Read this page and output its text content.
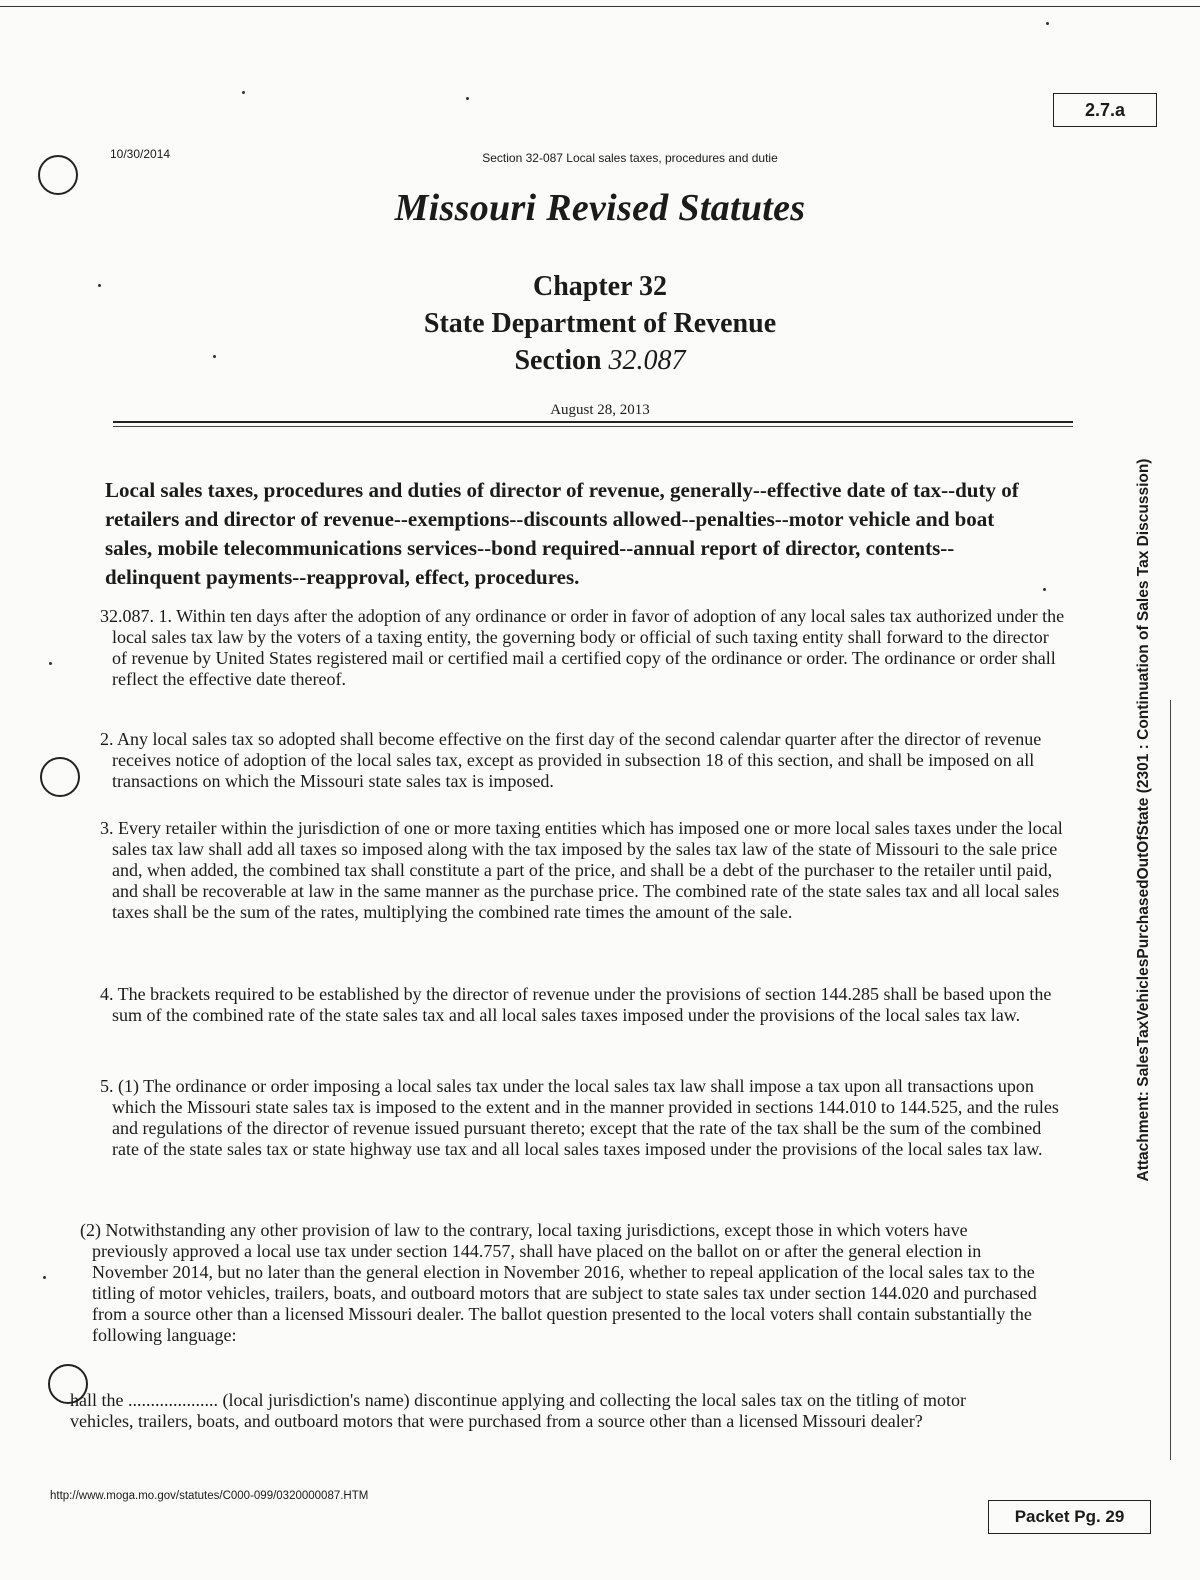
2.7.a
10/30/2014	Section 32-087 Local sales taxes, procedures and dutie
Missouri Revised Statutes
Chapter 32
State Department of Revenue
Section 32.087
August 28, 2013
Local sales taxes, procedures and duties of director of revenue, generally--effective date of tax--duty of retailers and director of revenue--exemptions--discounts allowed--penalties--motor vehicle and boat sales, mobile telecommunications services--bond required--annual report of director, contents--delinquent payments--reapproval, effect, procedures.
32.087. 1. Within ten days after the adoption of any ordinance or order in favor of adoption of any local sales tax authorized under the local sales tax law by the voters of a taxing entity, the governing body or official of such taxing entity shall forward to the director of revenue by United States registered mail or certified mail a certified copy of the ordinance or order. The ordinance or order shall reflect the effective date thereof.
2. Any local sales tax so adopted shall become effective on the first day of the second calendar quarter after the director of revenue receives notice of adoption of the local sales tax, except as provided in subsection 18 of this section, and shall be imposed on all transactions on which the Missouri state sales tax is imposed.
3. Every retailer within the jurisdiction of one or more taxing entities which has imposed one or more local sales taxes under the local sales tax law shall add all taxes so imposed along with the tax imposed by the sales tax law of the state of Missouri to the sale price and, when added, the combined tax shall constitute a part of the price, and shall be a debt of the purchaser to the retailer until paid, and shall be recoverable at law in the same manner as the purchase price. The combined rate of the state sales tax and all local sales taxes shall be the sum of the rates, multiplying the combined rate times the amount of the sale.
4. The brackets required to be established by the director of revenue under the provisions of section 144.285 shall be based upon the sum of the combined rate of the state sales tax and all local sales taxes imposed under the provisions of the local sales tax law.
5. (1) The ordinance or order imposing a local sales tax under the local sales tax law shall impose a tax upon all transactions upon which the Missouri state sales tax is imposed to the extent and in the manner provided in sections 144.010 to 144.525, and the rules and regulations of the director of revenue issued pursuant thereto; except that the rate of the tax shall be the sum of the combined rate of the state sales tax or state highway use tax and all local sales taxes imposed under the provisions of the local sales tax law.
(2) Notwithstanding any other provision of law to the contrary, local taxing jurisdictions, except those in which voters have previously approved a local use tax under section 144.757, shall have placed on the ballot on or after the general election in November 2014, but no later than the general election in November 2016, whether to repeal application of the local sales tax to the titling of motor vehicles, trailers, boats, and outboard motors that are subject to state sales tax under section 144.020 and purchased from a source other than a licensed Missouri dealer. The ballot question presented to the local voters shall contain substantially the following language:
hall the .................... (local jurisdiction's name) discontinue applying and collecting the local sales tax on the titling of motor vehicles, trailers, boats, and outboard motors that were purchased from a source other than a licensed Missouri dealer?
Attachment: SalesTaxVehiclesPurchasedOutOfState (2301 : Continuation of Sales Tax Discussion)
http://www.moga.mo.gov/statutes/C000-099/0320000087.HTM
Packet Pg. 29
